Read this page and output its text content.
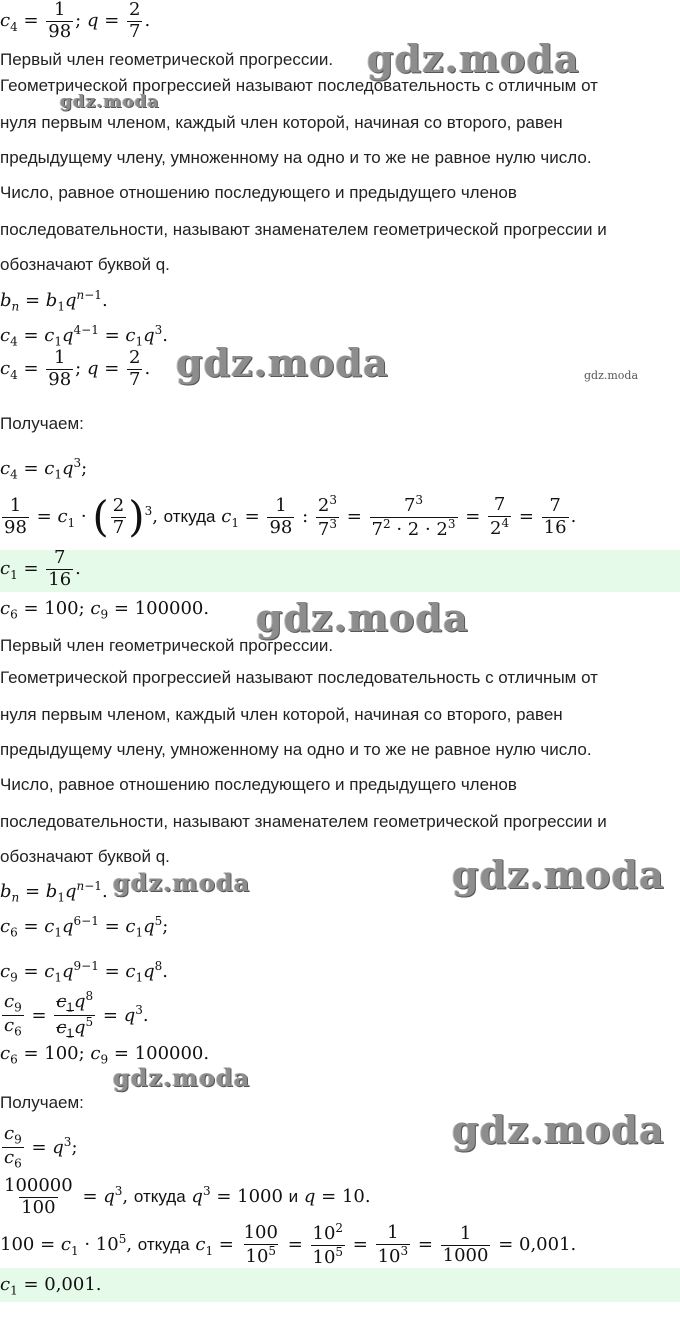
$c_4 = \frac{1}{98}$ ; $q = \frac{2}{7}$ .
Первый член геометрической прогрессии.
Геометрической прогрессией называют последовательность с отличным от
нуля первым членом, каждый член которой, начиная со второго, равен
предыдущему члену, умноженному на одно и то же не равное нулю число.
Число, равное отношению последующего и предыдущего членов
последовательности, называют знаменателем геометрической прогрессии и
обозначают буквой q.
$b_n = b_1q^{n-1}$.
$c_4 = c_1q^{4-1} = c_1q^3$.
$c_4 = \frac{1}{98}$ ; $q = \frac{2}{7}$ .
Получаем:
$c_4 = c_1q^3$;
$\frac{1}{98} = c_1$ · ( $\frac{2}{7} )^3$, откуда $c_1 = \frac{1}{98}$ : $\frac{2^3}{7^3} = \frac{7^3}{7^2 \cdot 2 \cdot 2^3} = \frac{7}{2^4} = \frac{7}{16}$ .
$c_1 = \frac{7}{16}$ .
$c_6 = 100$; $c_9 = 100000$.
Первый член геометрической прогрессии.
Геометрической прогрессией называют последовательность с отличным от
нуля первым членом, каждый член которой, начиная со второго, равен
предыдущему члену, умноженному на одно и то же не равное нулю число.
Число, равное отношению последующего и предыдущего членов
последовательности, называют знаменателем геометрической прогрессии и
обозначают буквой q.
$b_n = b_1q^{n-1}$.
$c_6 = c_1q^{6-1} = c_1q^5$;
$c_9 = c_1q^{9-1} = c_1q^8$.
$\frac{c_9}{c_6} = \frac{c_1q^8}{c_1q^5} = q^3$.
$c_6 = 100$; $c_9 = 100000$.
Получаем:
$\frac{c_9}{c_6} = q^3$;
$\frac{100000}{100} = q^3$, откуда $q^3 = 1000$ и q = 10.
$100 = c_1 \cdot 10^5$, откуда $c_1 = \frac{100}{10^5} = \frac{10^2}{10^5} = \frac{1}{10^3} = \frac{1}{1000} = 0,001$.
$c_1 = 0,001$.
gdz.moda
gdz.moda
gdz.moda	gdz.moda
gdz.moda
gdz.moda
gdz.moda
gdz.moda
gdz.moda
